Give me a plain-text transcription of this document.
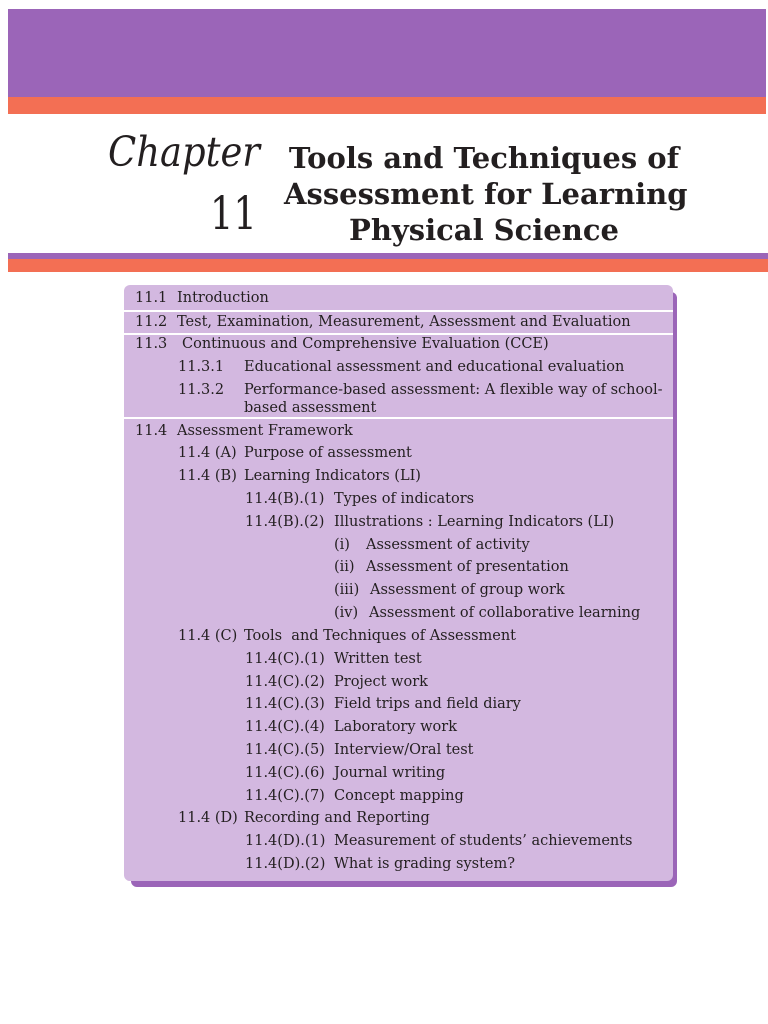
Chapter
11
Tools and Techniques of
Assessment for Learning
Physical Science
11.1 Introduction
11.2 Test, Examination, Measurement, Assessment and Evaluation
11.3 Continuous and Comprehensive Evaluation (CCE)
11.3.1 Educational assessment and educational evaluation
11.3.2 Performance-based assessment: A flexible way of school-
based assessment
11.4 Assessment Framework
11.4 (A) Purpose of assessment
11.4 (B) Learning Indicators (LI)
11.4(B).(1) Types of indicators
11.4(B).(2) Illustrations : Learning Indicators (LI)
(i) Assessment of activity
(ii) Assessment of presentation
(iii) Assessment of group work
(iv) Assessment of collaborative learning
11.4 (C) Tools  and Techniques of Assessment
11.4(C).(1) Written test
11.4(C).(2) Project work
11.4(C).(3) Field trips and field diary
11.4(C).(4) Laboratory work
11.4(C).(5) Interview/Oral test
11.4(C).(6) Journal writing
11.4(C).(7) Concept mapping
11.4 (D) Recording and Reporting
11.4(D).(1) Measurement of students’ achievements
11.4(D).(2) What is grading system?
